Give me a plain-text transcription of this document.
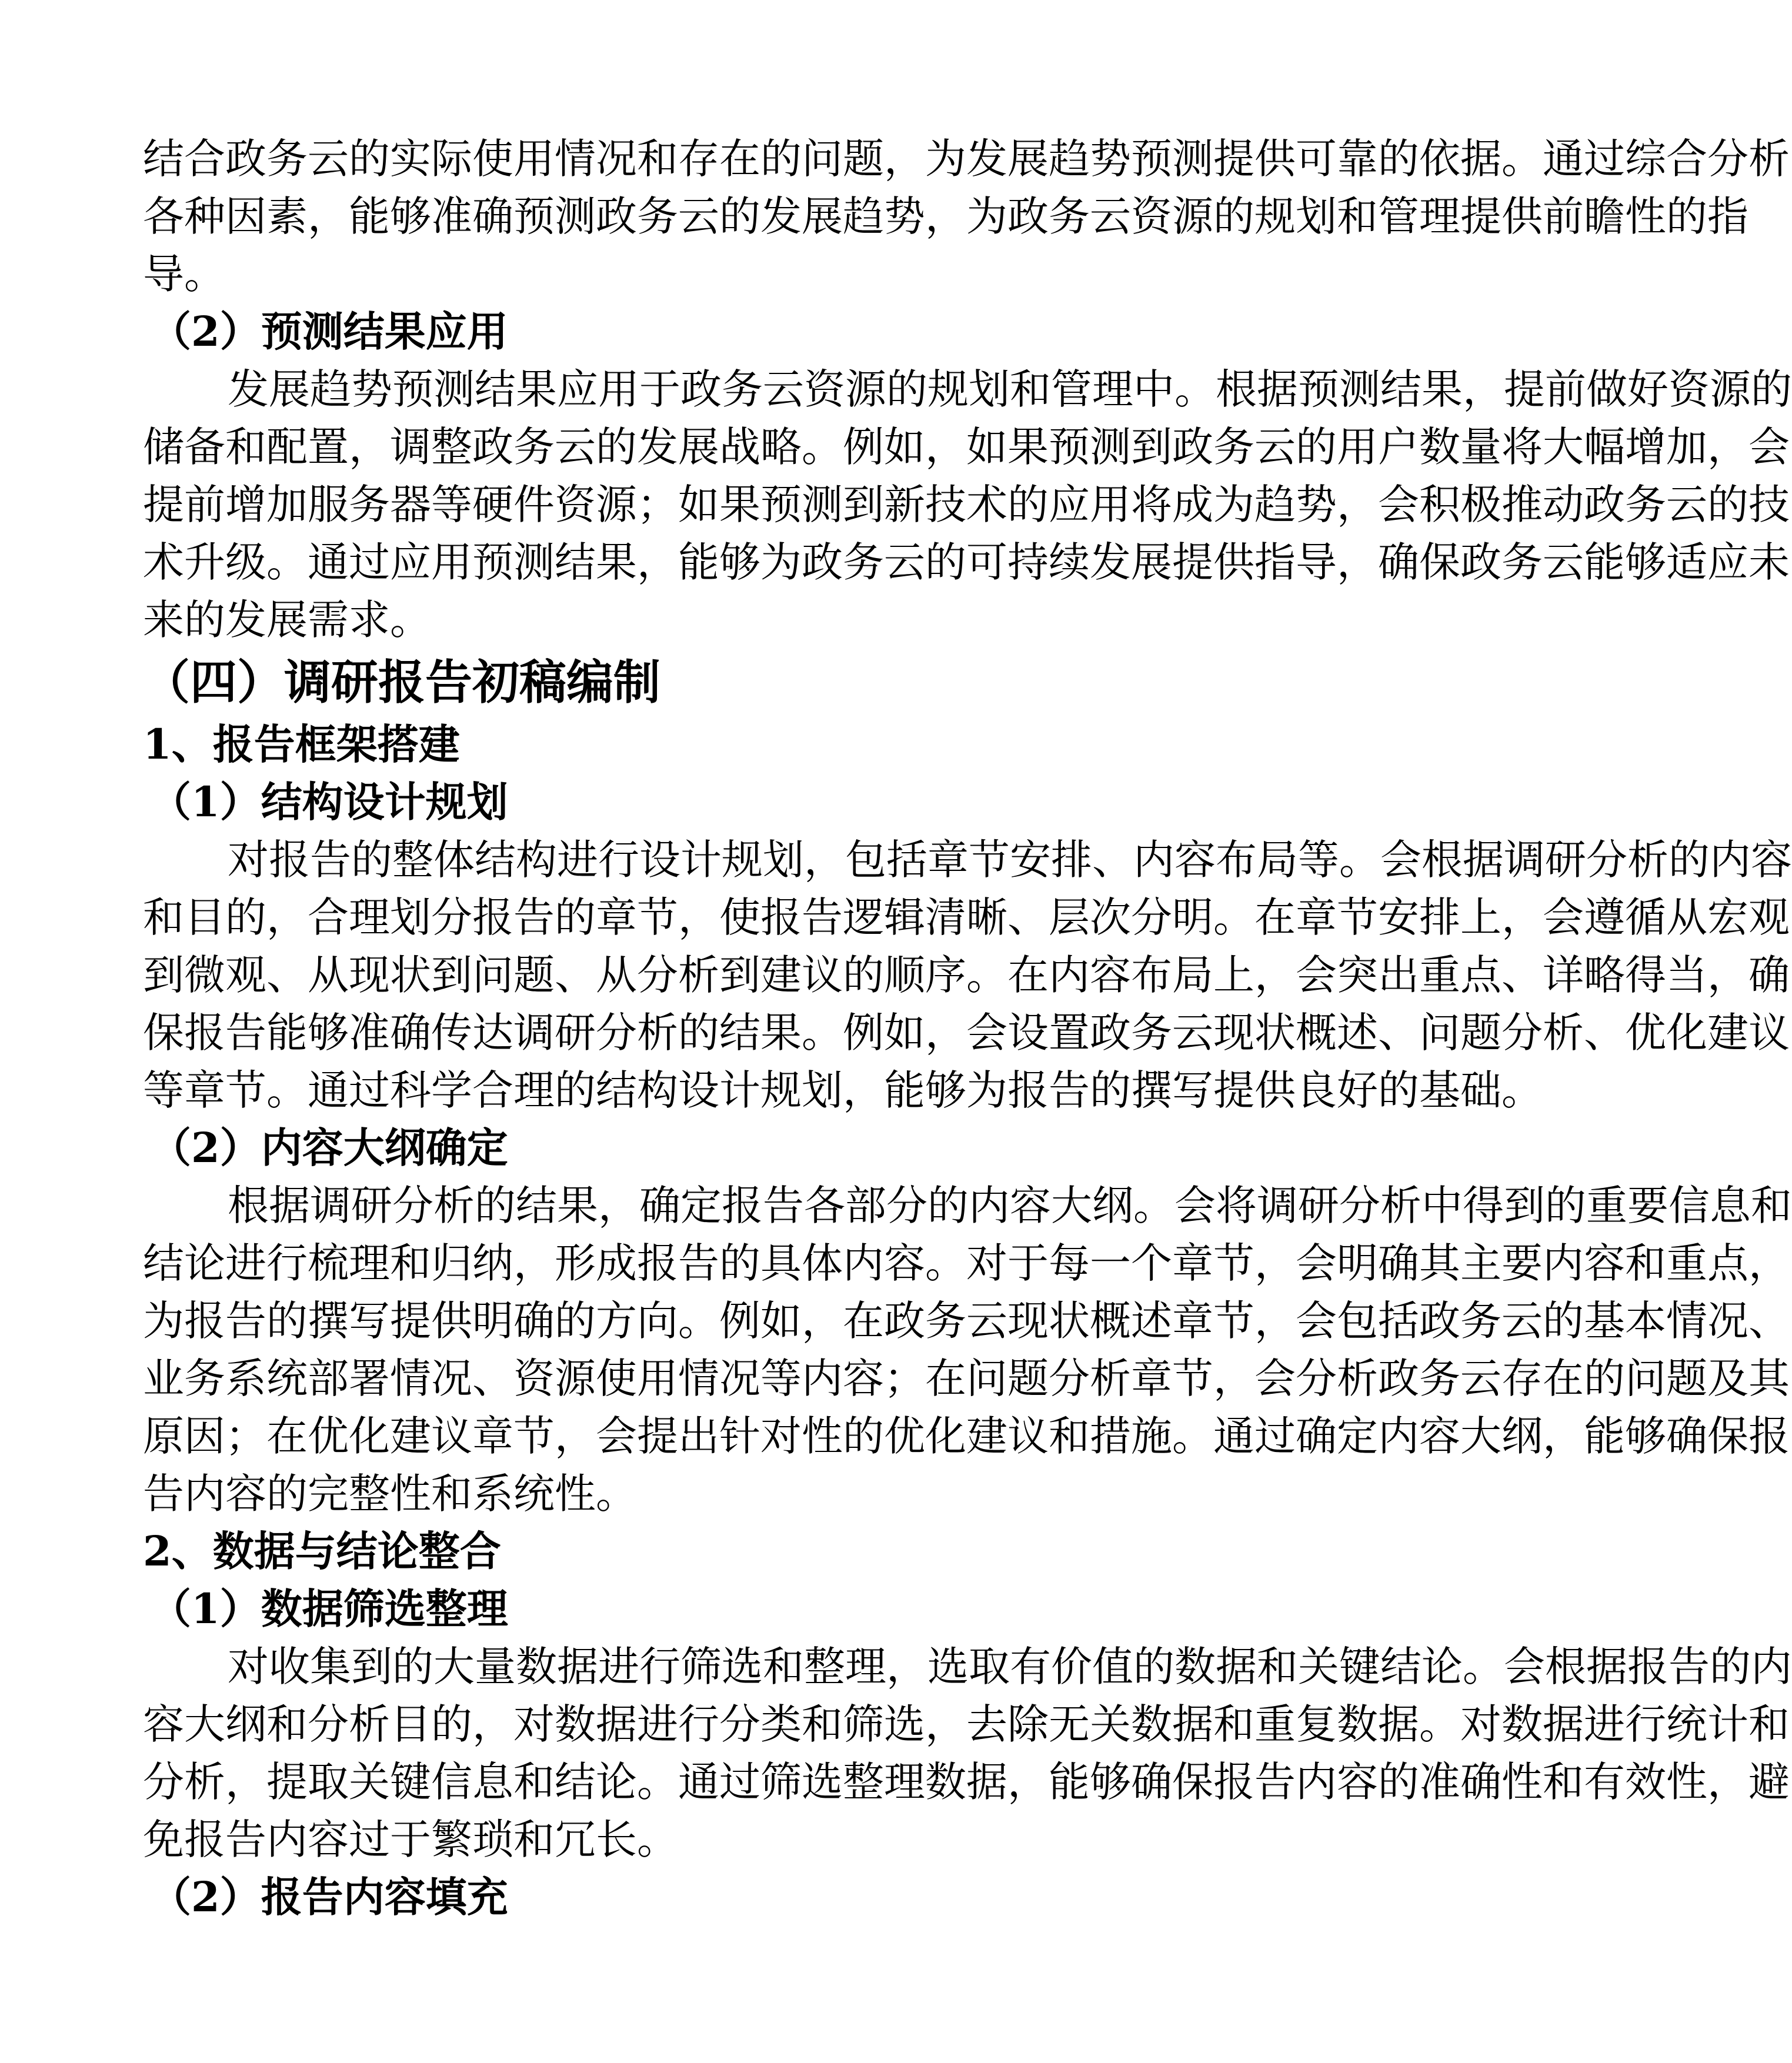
结合政务云的实际使用情况和存在的问题，为发展趋势预测提供可靠的依据。通过综合分析
各种因素，能够准确预测政务云的发展趋势，为政务云资源的规划和管理提供前瞻性的指
导。
（2）预测结果应用
发展趋势预测结果应用于政务云资源的规划和管理中。根据预测结果，提前做好资源的
储备和配置，调整政务云的发展战略。例如，如果预测到政务云的用户数量将大幅增加，会
提前增加服务器等硬件资源；如果预测到新技术的应用将成为趋势，会积极推动政务云的技
术升级。通过应用预测结果，能够为政务云的可持续发展提供指导，确保政务云能够适应未
来的发展需求。
（四）调研报告初稿编制
1、报告框架搭建
（1）结构设计规划
对报告的整体结构进行设计规划，包括章节安排、内容布局等。会根据调研分析的内容
和目的，合理划分报告的章节，使报告逻辑清晰、层次分明。在章节安排上，会遵循从宏观
到微观、从现状到问题、从分析到建议的顺序。在内容布局上，会突出重点、详略得当，确
保报告能够准确传达调研分析的结果。例如，会设置政务云现状概述、问题分析、优化建议
等章节。通过科学合理的结构设计规划，能够为报告的撰写提供良好的基础。
（2）内容大纲确定
根据调研分析的结果，确定报告各部分的内容大纲。会将调研分析中得到的重要信息和
结论进行梳理和归纳，形成报告的具体内容。对于每一个章节，会明确其主要内容和重点，
为报告的撰写提供明确的方向。例如，在政务云现状概述章节，会包括政务云的基本情况、
业务系统部署情况、资源使用情况等内容；在问题分析章节，会分析政务云存在的问题及其
原因；在优化建议章节，会提出针对性的优化建议和措施。通过确定内容大纲，能够确保报
告内容的完整性和系统性。
2、数据与结论整合
（1）数据筛选整理
对收集到的大量数据进行筛选和整理，选取有价值的数据和关键结论。会根据报告的内
容大纲和分析目的，对数据进行分类和筛选，去除无关数据和重复数据。对数据进行统计和
分析，提取关键信息和结论。通过筛选整理数据，能够确保报告内容的准确性和有效性，避
免报告内容过于繁琐和冗长。
（2）报告内容填充
